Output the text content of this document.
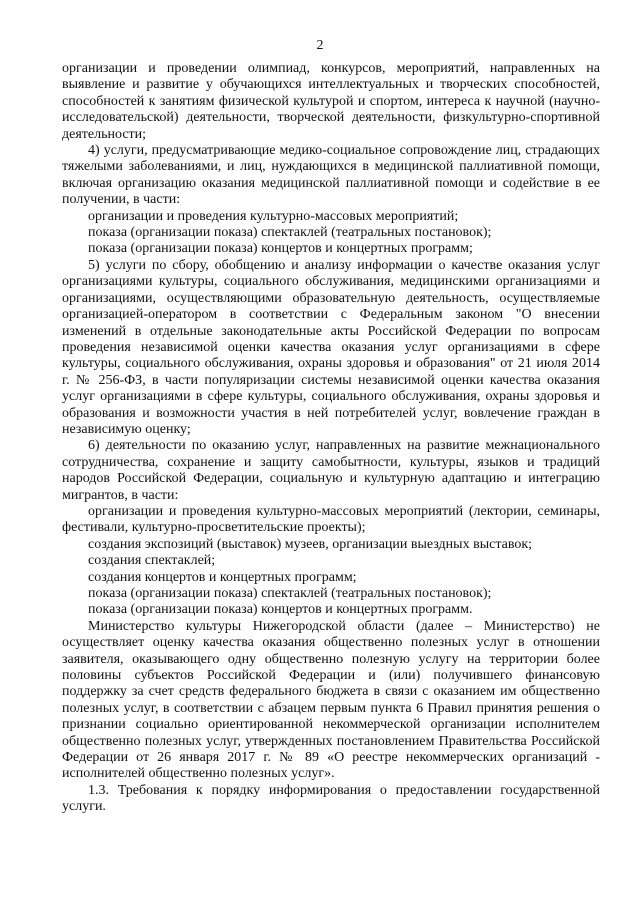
2

организации и проведении олимпиад, конкурсов, мероприятий, направленных на выявление и развитие у обучающихся интеллектуальных и творческих способностей, способностей к занятиям физической культурой и спортом, интереса к научной (научно-исследовательской) деятельности, творческой деятельности, физкультурно-спортивной деятельности;

4) услуги, предусматривающие медико-социальное сопровождение лиц, страдающих тяжелыми заболеваниями, и лиц, нуждающихся в медицинской паллиативной помощи, включая организацию оказания медицинской паллиативной помощи и содействие в ее получении, в части:

организации и проведения культурно-массовых мероприятий;

показа (организации показа) спектаклей (театральных постановок);

показа (организации показа) концертов и концертных программ;

5) услуги по сбору, обобщению и анализу информации о качестве оказания услуг организациями культуры, социального обслуживания, медицинскими организациями и организациями, осуществляющими образовательную деятельность, осуществляемые организацией-оператором в соответствии с Федеральным законом "О внесении изменений в отдельные законодательные акты Российской Федерации по вопросам проведения независимой оценки качества оказания услуг организациями в сфере культуры, социального обслуживания, охраны здоровья и образования" от 21 июля 2014 г. № 256-ФЗ, в части популяризации системы независимой оценки качества оказания услуг организациями в сфере культуры, социального обслуживания, охраны здоровья и образования и возможности участия в ней потребителей услуг, вовлечение граждан в независимую оценку;

6) деятельности по оказанию услуг, направленных на развитие межнационального сотрудничества, сохранение и защиту самобытности, культуры, языков и традиций народов Российской Федерации, социальную и культурную адаптацию и интеграцию мигрантов, в части:

организации и проведения культурно-массовых мероприятий (лектории, семинары, фестивали, культурно-просветительские проекты);

создания экспозиций (выставок) музеев, организации выездных выставок;

создания спектаклей;

создания концертов и концертных программ;

показа (организации показа) спектаклей (театральных постановок);

показа (организации показа) концертов и концертных программ.

Министерство культуры Нижегородской области (далее – Министерство) не осуществляет оценку качества оказания общественно полезных услуг в отношении заявителя, оказывающего одну общественно полезную услугу на территории более половины субъектов Российской Федерации и (или) получившего финансовую поддержку за счет средств федерального бюджета в связи с оказанием им общественно полезных услуг, в соответствии с абзацем первым пункта 6 Правил принятия решения о признании социально ориентированной некоммерческой организации исполнителем общественно полезных услуг, утвержденных постановлением Правительства Российской Федерации от 26 января 2017 г. № 89 «О реестре некоммерческих организаций - исполнителей общественно полезных услуг».

1.3. Требования к порядку информирования о предоставлении государственной услуги.
